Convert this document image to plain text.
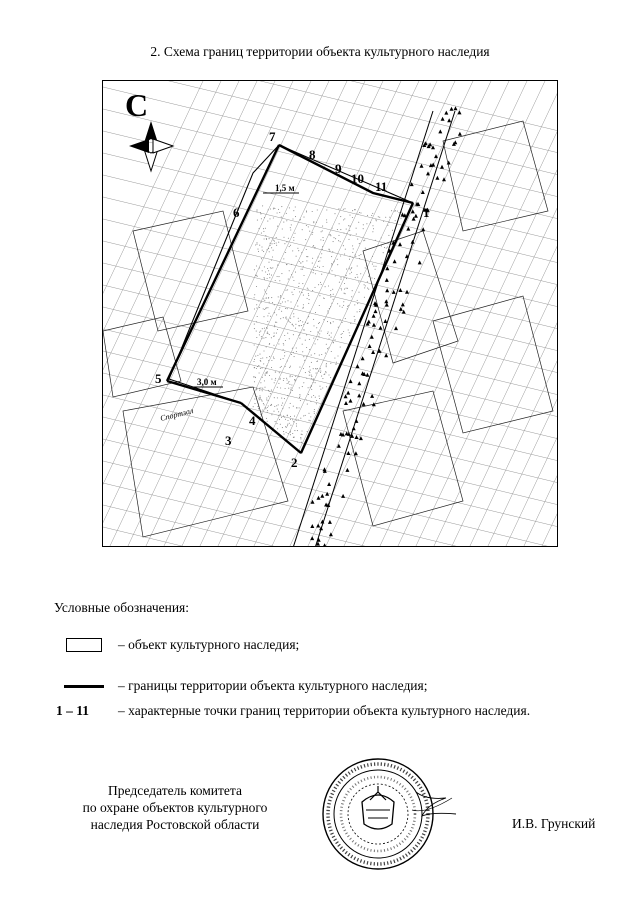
2. Схема границ территории объекта культурного наследия
С
1,5 м
3,0 м
Спортзал
1
2
3
4
5
6
7
8
9
10
11
Условные обозначения:
– объект культурного наследия;
– границы территории объекта культурного наследия;
1 – 11 – характерные точки границ территории объекта культурного наследия.
Председатель комитета
по охране объектов культурного
наследия Ростовской области	И.В. Грунский
